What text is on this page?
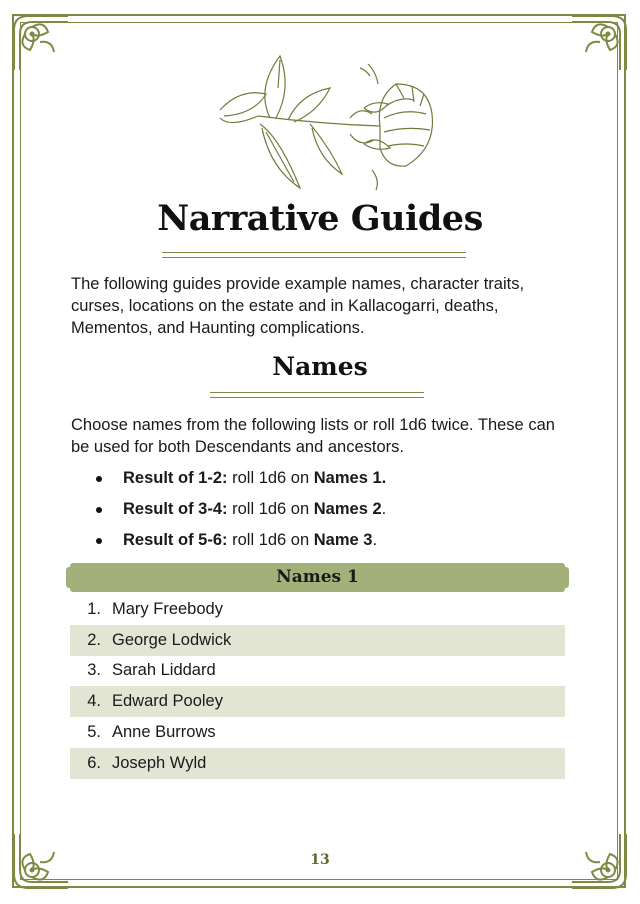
Narrative Guides
The following guides provide example names, character traits, curses, locations on the estate and in Kallacogarri, deaths, Mementos, and Haunting complications.
Names
Choose names from the following lists or roll 1d6 twice. These can be used for both Descendants and ancestors.
Result of 1-2: roll 1d6 on Names 1.
Result of 3-4: roll 1d6 on Names 2.
Result of 5-6: roll 1d6 on Name 3.
Names 1
1. Mary Freebody
2. George Lodwick
3. Sarah Liddard
4. Edward Pooley
5. Anne Burrows
6. Joseph Wyld
13
